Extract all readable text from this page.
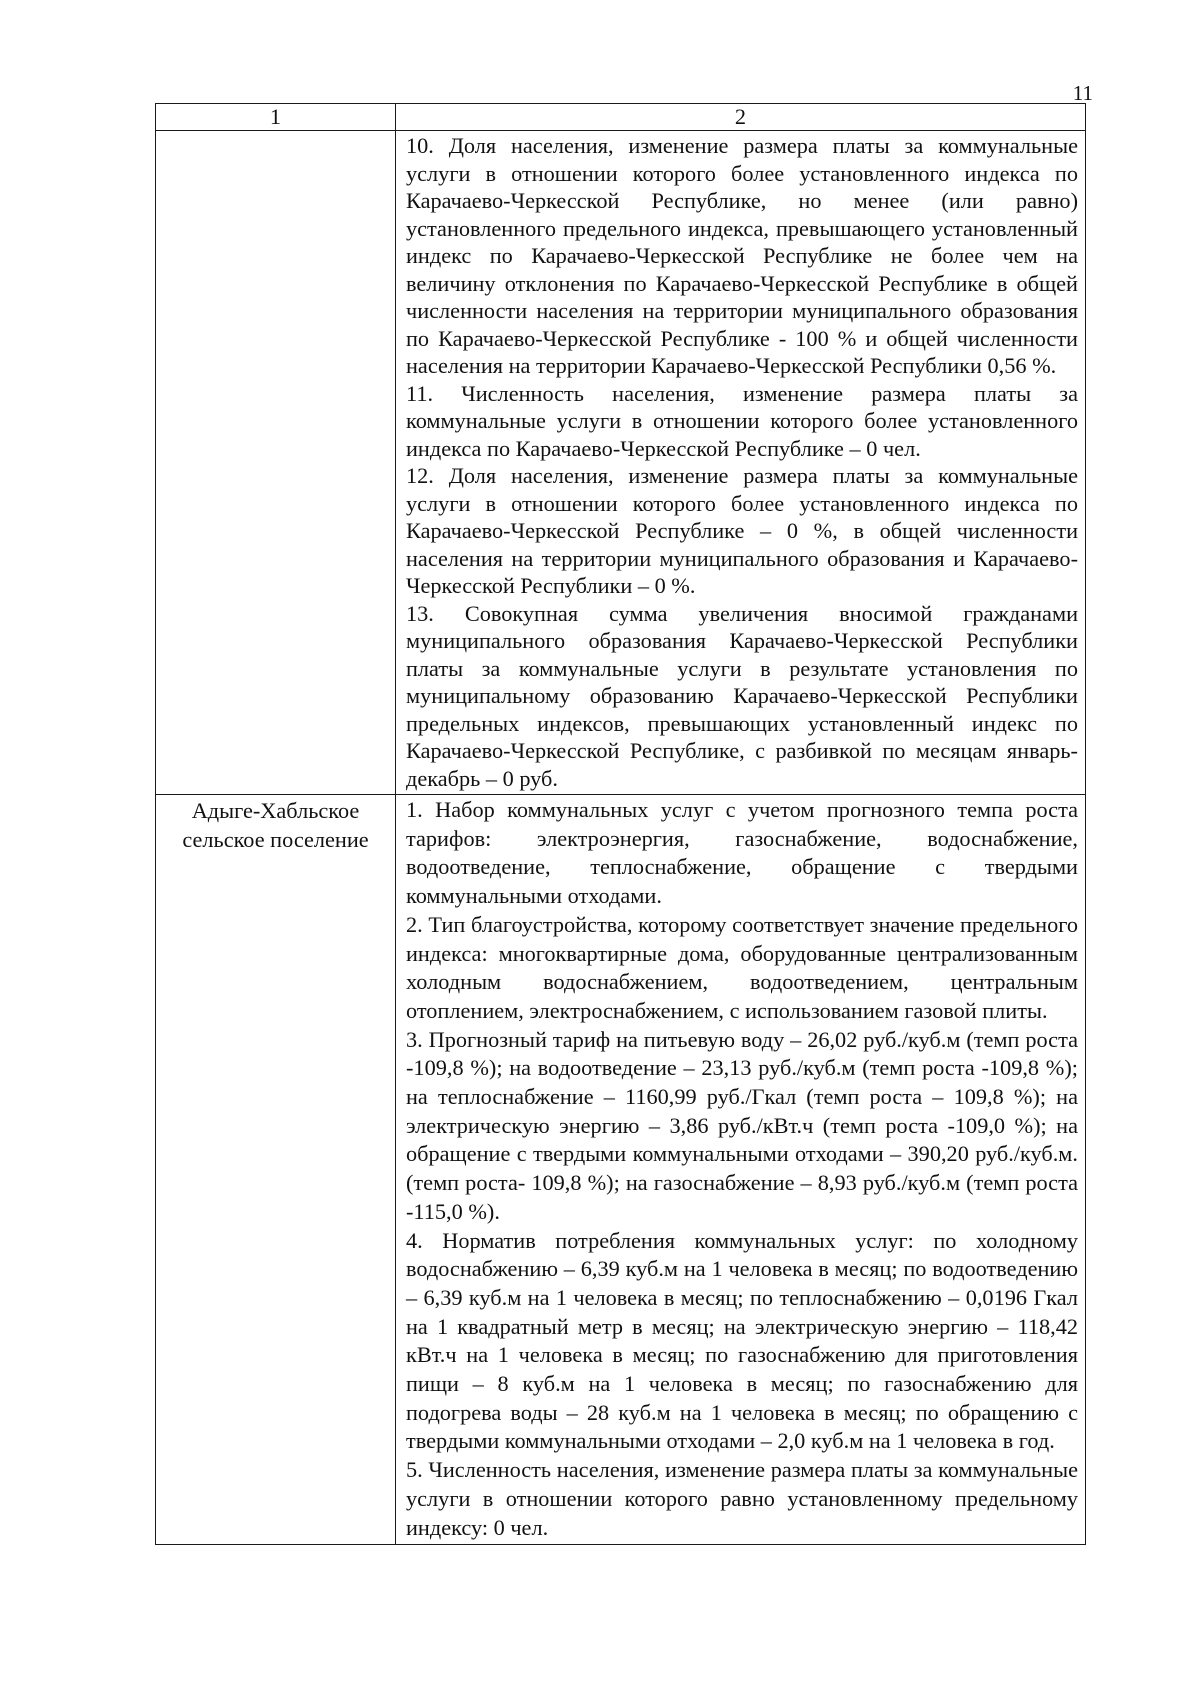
11
1	2

	10. Доля населения, изменение размера платы за коммунальные услуги в отношении которого более установленного индекса по Карачаево-Черкесской Республике, но менее (или равно) установленного предельного индекса, превышающего установленный индекс по Карачаево-Черкесской Республике не более чем на величину отклонения по Карачаево-Черкесской Республике в общей численности населения на территории муниципального образования по Карачаево-Черкесской Республике - 100 % и общей численности населения на территории Карачаево-Черкесской Республики 0,56 %.

11. Численность населения, изменение размера платы за коммунальные услуги в отношении которого более установленного индекса по Карачаево-Черкесской Республике – 0 чел.

12. Доля населения, изменение размера платы за коммунальные услуги в отношении которого более установленного индекса по Карачаево-Черкесской Республике – 0 %, в общей численности населения на территории муниципального образования и Карачаево-Черкесской Республики – 0 %.

13. Совокупная сумма увеличения вносимой гражданами муниципального образования Карачаево-Черкесской Республики платы за коммунальные услуги в результате установления по муниципальному образованию Карачаево-Черкесской Республики предельных индексов, превышающих установленный индекс по Карачаево-Черкесской Республике, с разбивкой по месяцам январь-декабрь – 0 руб.

Адыге-Хабльское сельское поселение	1. Набор коммунальных услуг с учетом прогнозного темпа роста тарифов: электроэнергия, газоснабжение, водоснабжение, водоотведение, теплоснабжение, обращение с твердыми коммунальными отходами.

2. Тип благоустройства, которому соответствует значение предельного индекса: многоквартирные дома, оборудованные централизованным холодным водоснабжением, водоотведением, центральным отоплением, электроснабжением, с использованием газовой плиты.

3. Прогнозный тариф на питьевую воду – 26,02 руб./куб.м (темп роста -109,8 %); на водоотведение – 23,13 руб./куб.м (темп роста -109,8 %); на теплоснабжение – 1160,99 руб./Гкал (темп роста – 109,8 %); на электрическую энергию – 3,86 руб./кВт.ч (темп роста -109,0 %); на обращение с твердыми коммунальными отходами – 390,20 руб./куб.м. (темп роста- 109,8 %); на газоснабжение – 8,93 руб./куб.м (темп роста -115,0 %).

4. Норматив потребления коммунальных услуг: по холодному водоснабжению – 6,39 куб.м на 1 человека в месяц; по водоотведению – 6,39 куб.м на 1 человека в месяц; по теплоснабжению – 0,0196 Гкал на 1 квадратный метр в месяц; на электрическую энергию – 118,42 кВт.ч на 1 человека в месяц; по газоснабжению для приготовления пищи – 8 куб.м на 1 человека в месяц; по газоснабжению для подогрева воды – 28 куб.м на 1 человека в месяц; по обращению с твердыми коммунальными отходами – 2,0 куб.м на 1 человека в год.

5. Численность населения, изменение размера платы за коммунальные услуги в отношении которого равно установленному предельному индексу: 0 чел.
